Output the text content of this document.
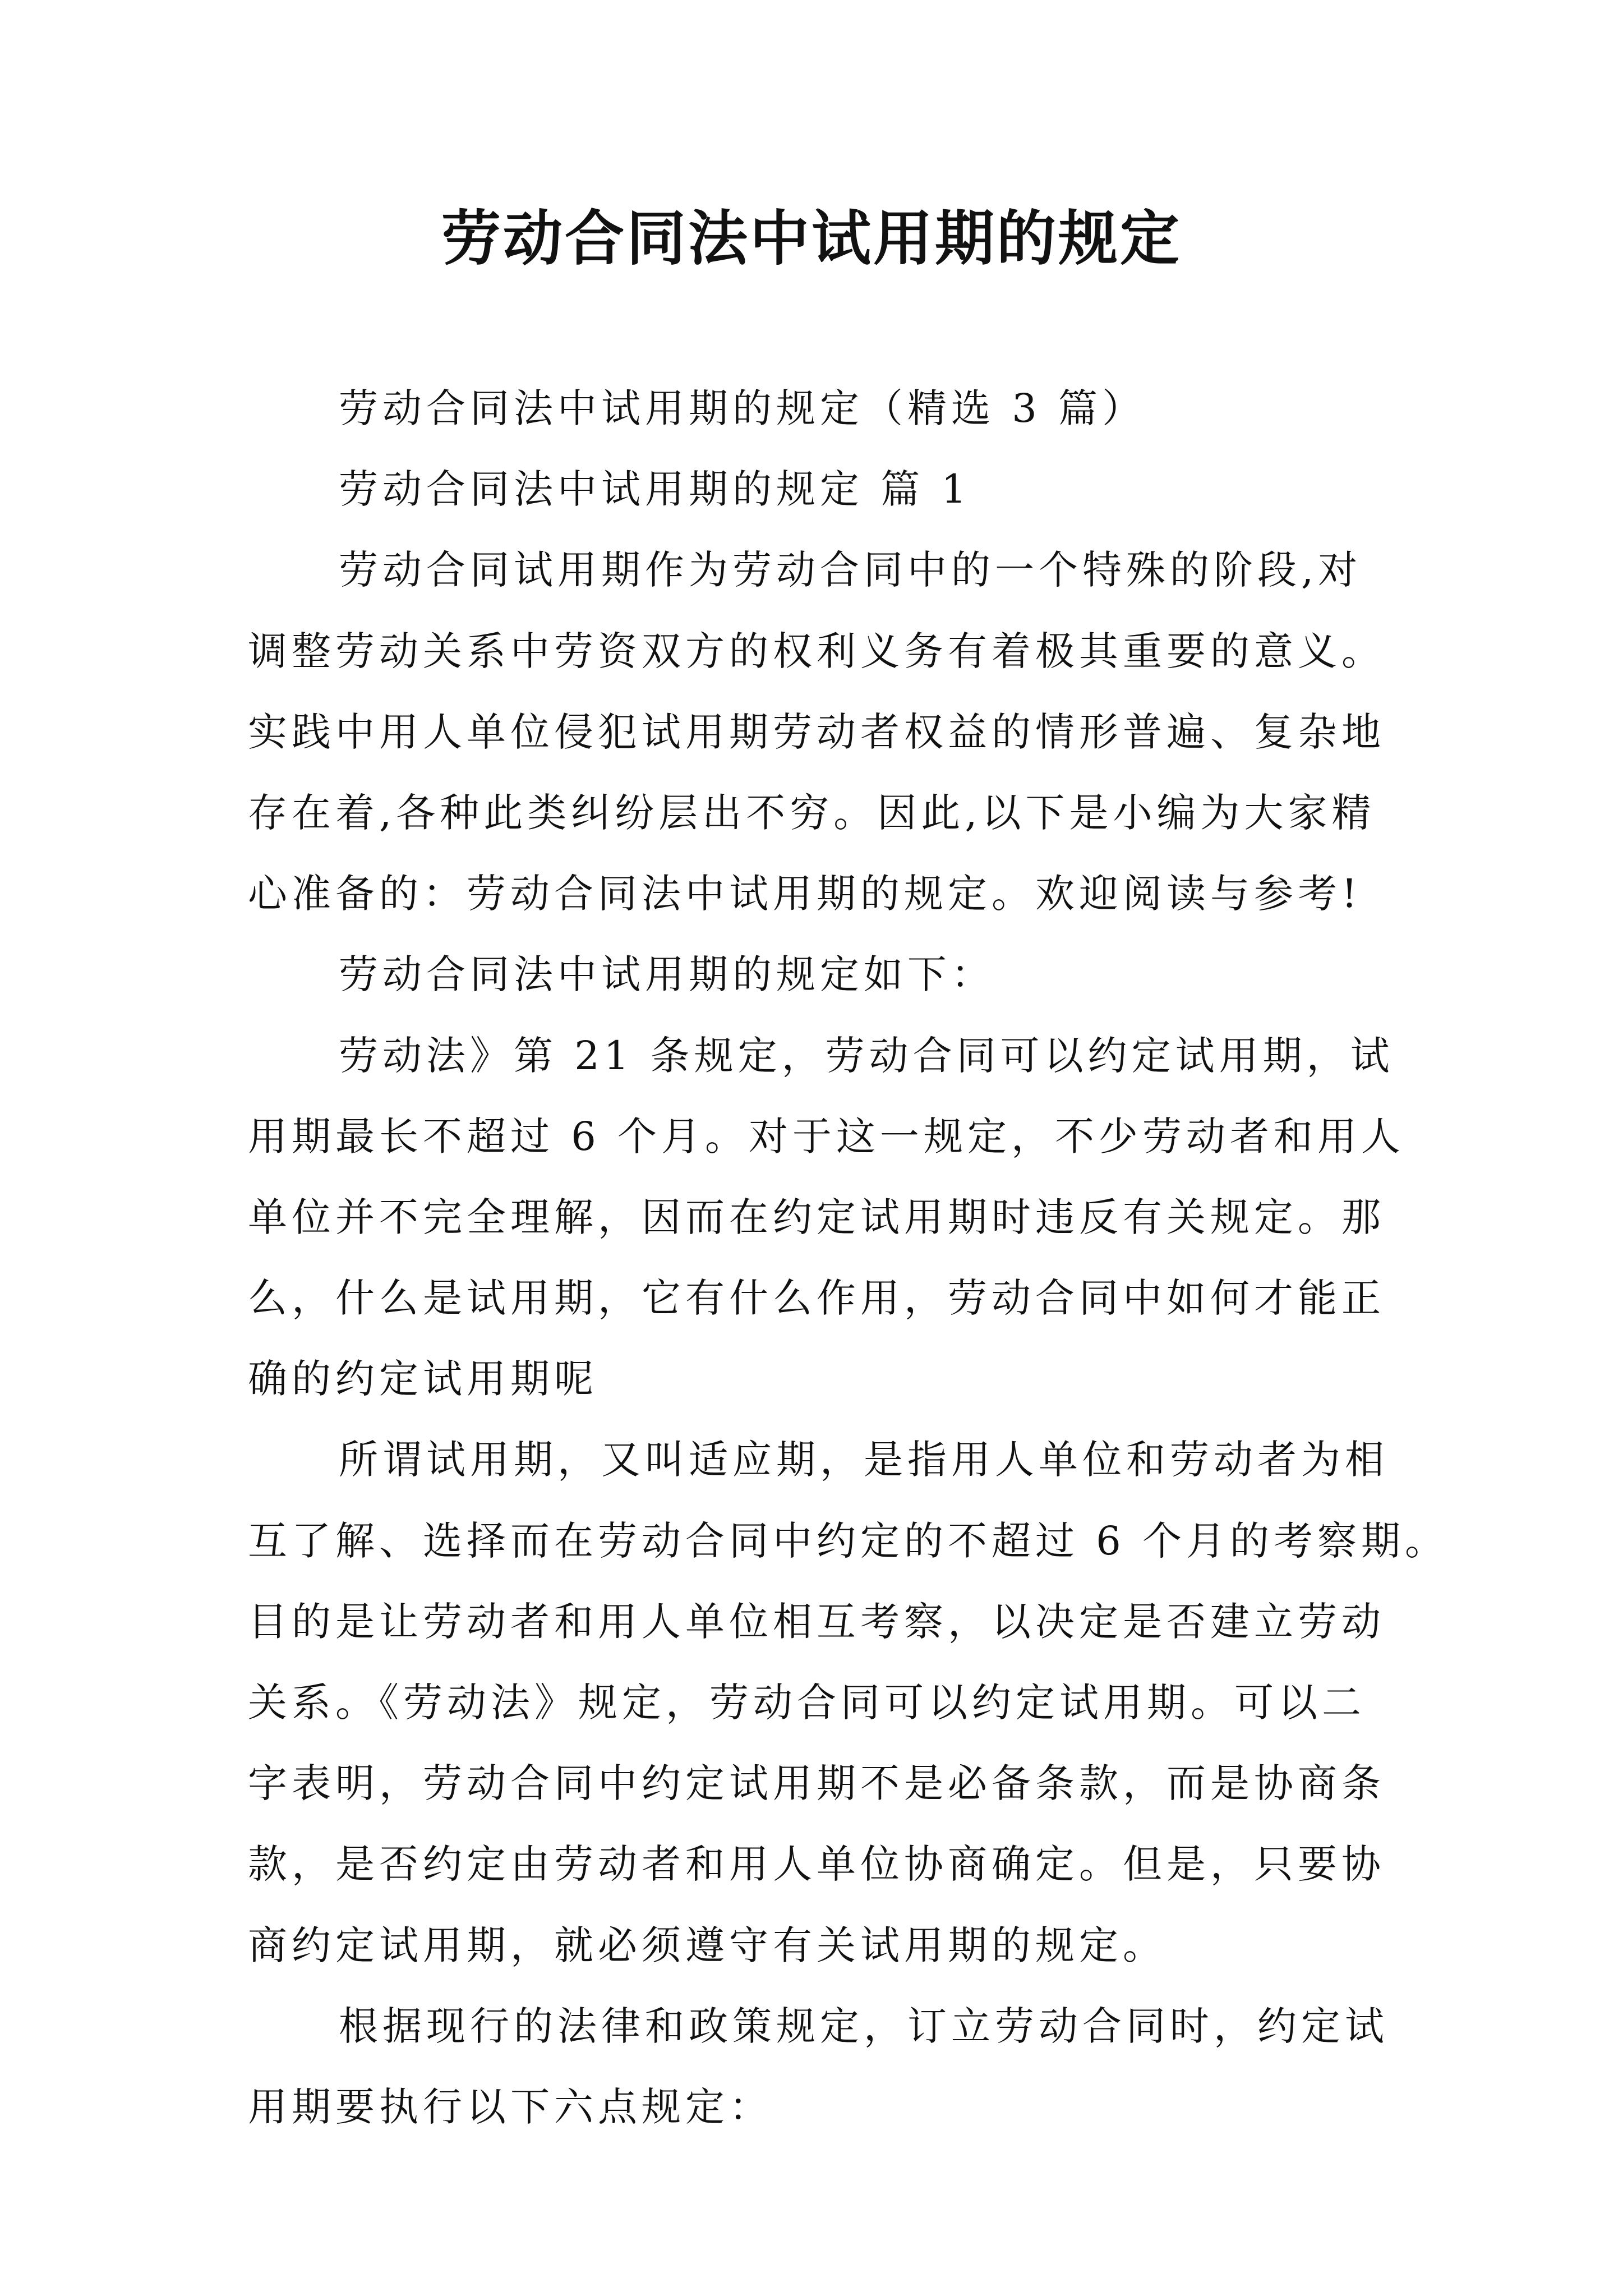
劳动合同法中试用期的规定

劳动合同法中试用期的规定（精选 3 篇）

劳动合同法中试用期的规定 篇 1

劳动合同试用期作为劳动合同中的一个特殊的阶段,对

调整劳动关系中劳资双方的权利义务有着极其重要的意义。

实践中用人单位侵犯试用期劳动者权益的情形普遍、复杂地

存在着,各种此类纠纷层出不穷。因此,以下是小编为大家精

心准备的：劳动合同法中试用期的规定。欢迎阅读与参考!

劳动合同法中试用期的规定如下：

劳动法》第 21 条规定，劳动合同可以约定试用期，试

用期最长不超过 6 个月。对于这一规定，不少劳动者和用人

单位并不完全理解，因而在约定试用期时违反有关规定。那

么，什么是试用期，它有什么作用，劳动合同中如何才能正

确的约定试用期呢

所谓试用期，又叫适应期，是指用人单位和劳动者为相

互了解、选择而在劳动合同中约定的不超过 6 个月的考察期。

目的是让劳动者和用人单位相互考察，以决定是否建立劳动

关系。《劳动法》规定，劳动合同可以约定试用期。可以二

字表明，劳动合同中约定试用期不是必备条款，而是协商条

款，是否约定由劳动者和用人单位协商确定。但是，只要协

商约定试用期，就必须遵守有关试用期的规定。

根据现行的法律和政策规定，订立劳动合同时，约定试

用期要执行以下六点规定：
